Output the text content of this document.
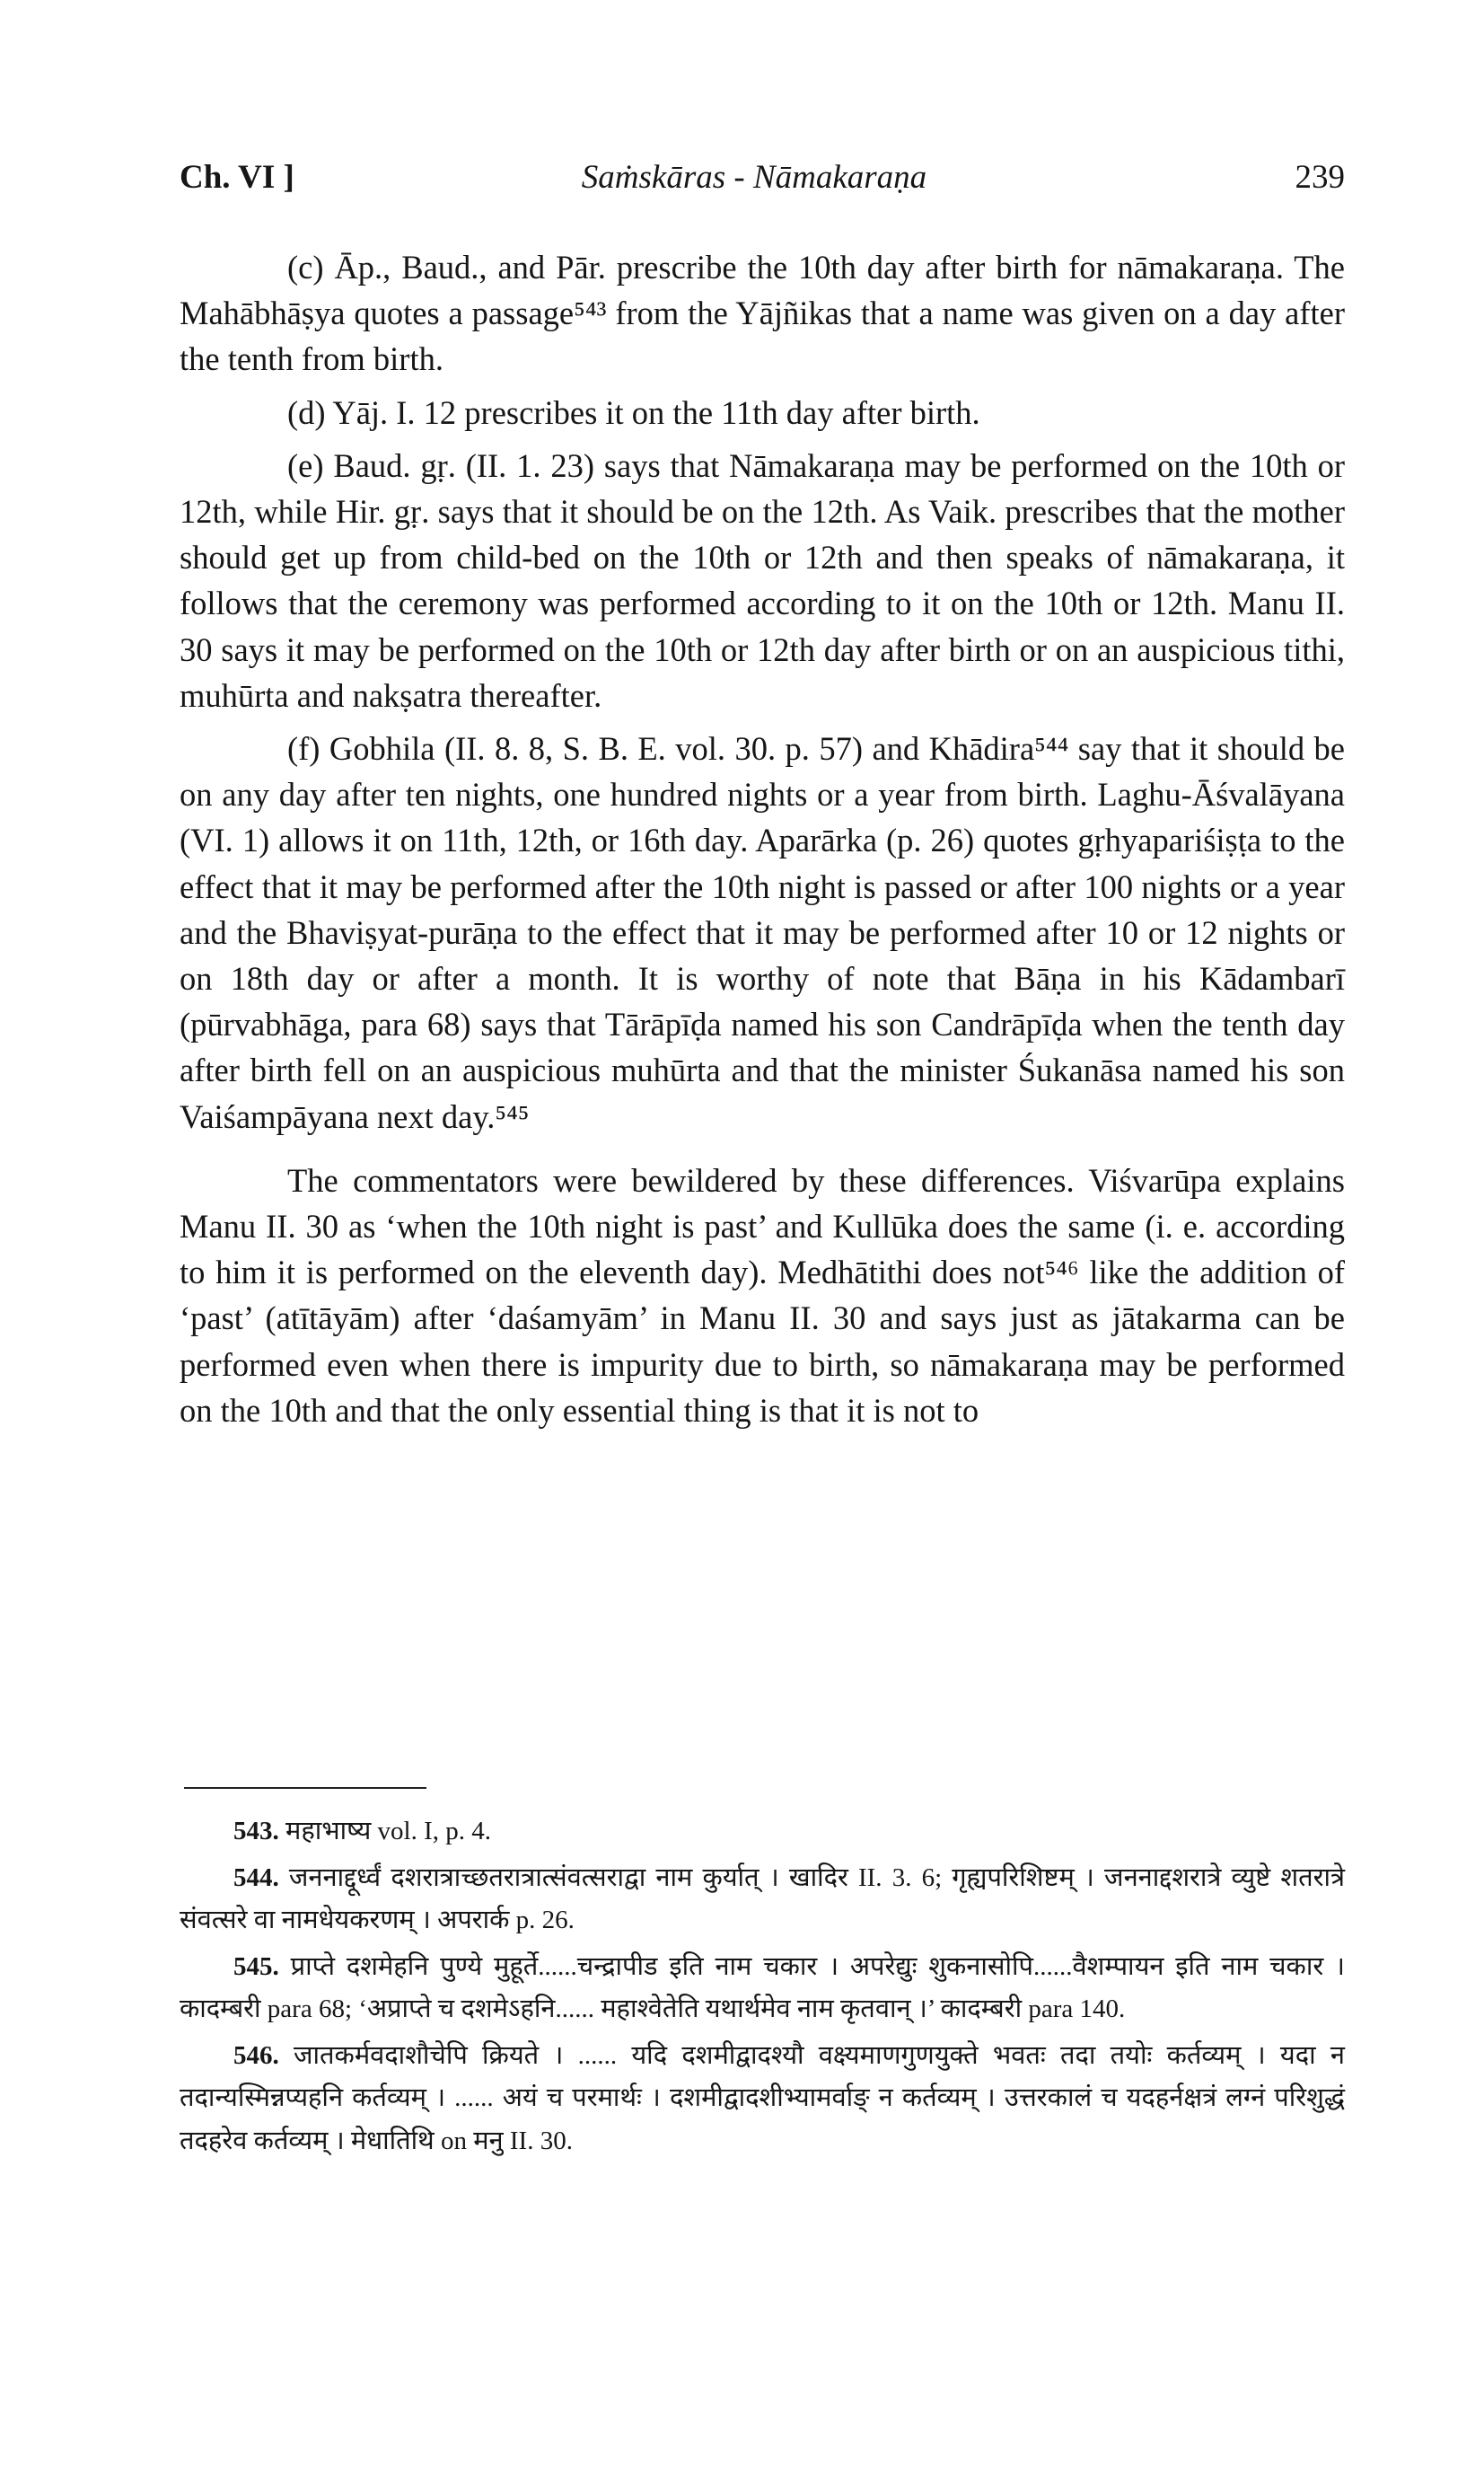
Ch. VI ]	Saṁskāras - Nāmakaraṇa	239

(c) Āp., Baud., and Pār. prescribe the 10th day after birth for nāmakaraṇa. The Mahābhāṣya quotes a passage⁵⁴³ from the Yājñikas that a name was given on a day after the tenth from birth.

(d) Yāj. I. 12 prescribes it on the 11th day after birth.

(e) Baud. gṛ. (II. 1. 23) says that Nāmakaraṇa may be performed on the 10th or 12th, while Hir. gṛ. says that it should be on the 12th. As Vaik. prescribes that the mother should get up from child-bed on the 10th or 12th and then speaks of nāmakaraṇa, it follows that the ceremony was performed according to it on the 10th or 12th. Manu II. 30 says it may be performed on the 10th or 12th day after birth or on an auspicious tithi, muhūrta and nakṣatra thereafter.

(f) Gobhila (II. 8. 8, S. B. E. vol. 30. p. 57) and Khādira⁵⁴⁴ say that it should be on any day after ten nights, one hundred nights or a year from birth. Laghu-Āśvalāyana (VI. 1) allows it on 11th, 12th, or 16th day. Aparārka (p. 26) quotes gṛhyapariśiṣṭa to the effect that it may be performed after the 10th night is passed or after 100 nights or a year and the Bhaviṣyat-purāṇa to the effect that it may be performed after 10 or 12 nights or on 18th day or after a month. It is worthy of note that Bāṇa in his Kādambarī (pūrvabhāga, para 68) says that Tārāpīḍa named his son Candrāpīḍa when the tenth day after birth fell on an auspicious muhūrta and that the minister Śukanāsa named his son Vaiśampāyana next day.⁵⁴⁵

The commentators were bewildered by these differences. Viśvarūpa explains Manu II. 30 as ‘when the 10th night is past’ and Kullūka does the same (i. e. according to him it is performed on the eleventh day). Medhātithi does not⁵⁴⁶ like the addition of ‘past’ (atītāyām) after ‘daśamyām’ in Manu II. 30 and says just as jātakarma can be performed even when there is impurity due to birth, so nāmakaraṇa may be performed on the 10th and that the only essential thing is that it is not to

543. महाभाष्य vol. I, p. 4.

544. जननाद्दूर्ध्वं दशरात्राच्छतरात्रात्संवत्सराद्वा नाम कुर्यात् । खादिर II. 3. 6; गृह्यपरिशिष्टम् । जननाद्दशरात्रे व्युष्टे शतरात्रे संवत्सरे वा नामधेयकरणम् । अपरार्क p. 26.

545. प्राप्ते दशमेहनि पुण्ये मुहूर्ते......चन्द्रापीड इति नाम चकार । अपरेद्युः शुकनासोपि......वैशम्पायन इति नाम चकार । कादम्बरी para 68; ‘अप्राप्ते च दशमेऽहनि...... महाश्वेतेति यथार्थमेव नाम कृतवान् ।’ कादम्बरी para 140.

546. जातकर्मवदाशौचेपि क्रियते । ...... यदि दशमीद्वादश्यौ वक्ष्यमाणगुणयुक्ते भवतः तदा तयोः कर्तव्यम् । यदा न तदान्यस्मिन्नप्यहनि कर्तव्यम् । ...... अयं च परमार्थः । दशमीद्वादशीभ्यामर्वाङ् न कर्तव्यम् । उत्तरकालं च यदहर्नक्षत्रं लग्नं परिशुद्धं तदहरेव कर्तव्यम् । मेधातिथि on मनु II. 30.
